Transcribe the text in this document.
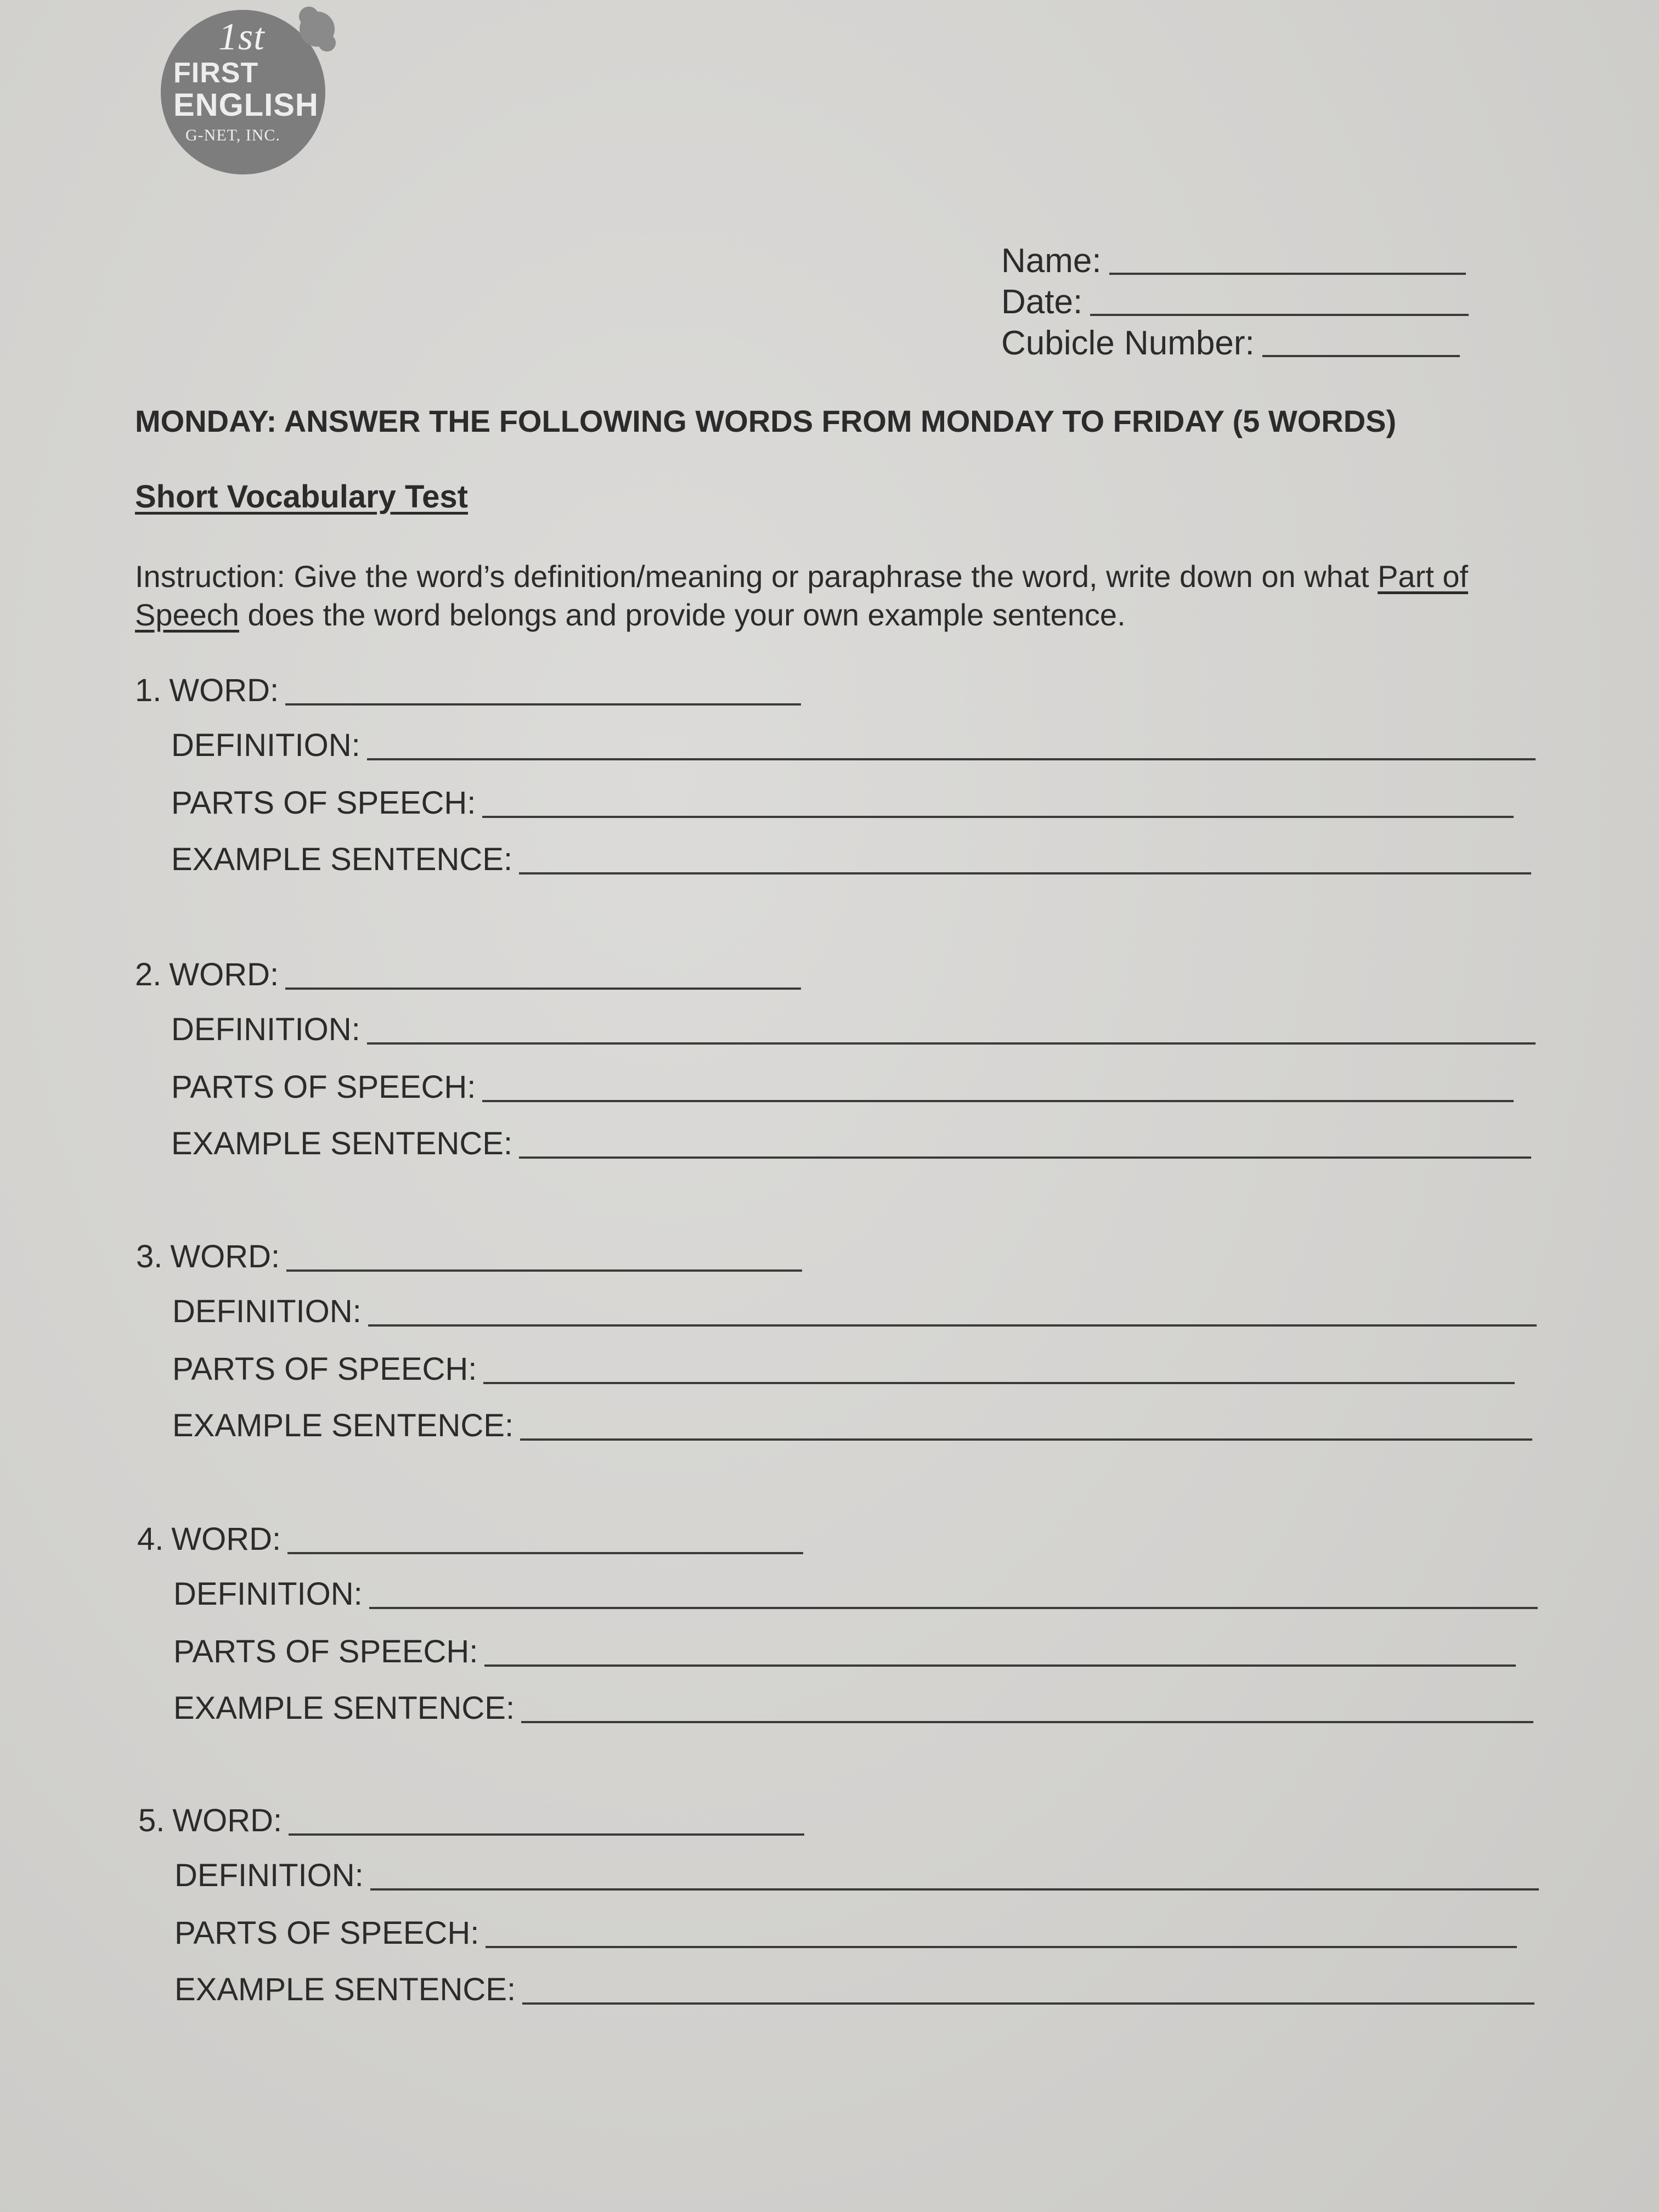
1st
FIRST
ENGLISH
G-NET, INC.
Name:
Date:
Cubicle Number:
MONDAY: ANSWER THE FOLLOWING WORDS FROM MONDAY TO FRIDAY (5 WORDS)
Short Vocabulary Test
Instruction: Give the word’s definition/meaning or paraphrase the word, write down on what Part of Speech does the word belongs and provide your own example sentence.
1. WORD:
DEFINITION:
PARTS OF SPEECH:
EXAMPLE SENTENCE:
2. WORD:
DEFINITION:
PARTS OF SPEECH:
EXAMPLE SENTENCE:
3. WORD:
DEFINITION:
PARTS OF SPEECH:
EXAMPLE SENTENCE:
4. WORD:
DEFINITION:
PARTS OF SPEECH:
EXAMPLE SENTENCE:
5. WORD:
DEFINITION:
PARTS OF SPEECH:
EXAMPLE SENTENCE:
